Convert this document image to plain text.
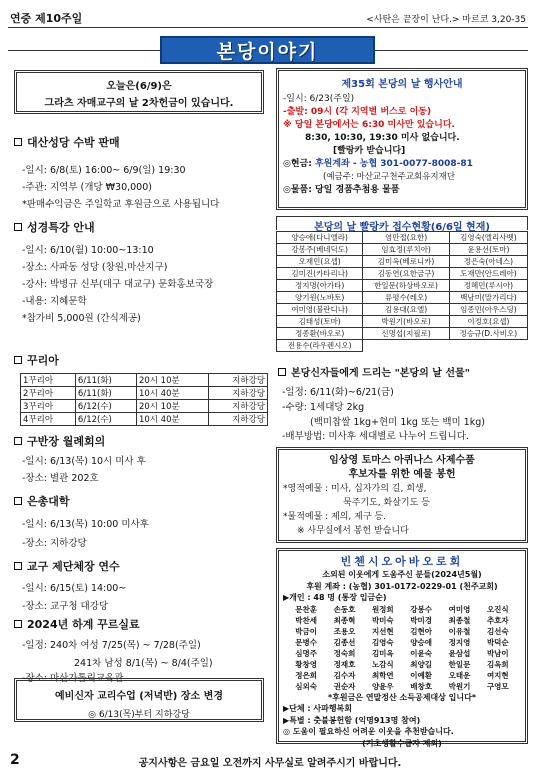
연중 제10주일	<사탄은 끝장이 난다.> 마르코 3,20-35
본당이야기
오늘은(6/9)은
그라츠 자매교구의 날 2차헌금이 있습니다.
대산성당 수박 판매
-일시: 6/8(토) 16:00~ 6/9(일) 19:30
-주관: 지역부 (개당 ₩30,000)
*판매수익금은 주일학교 후원금으로 사용됩니다
성경특강 안내
-일시: 6/10(월) 10:00~13:10
-장소: 사파동 성당 (창원,마산지구)
-강사: 박병규 신부(대구 대교구) 문화홍보국장
-내용: 지혜문학
*참가비 5,000원 (간식제공)
꾸리아
1꾸리아	6/11(화)	20시 10분	지하강당
2꾸리아	6/11(화)	10시 40분	지하강당
3꾸리아	6/12(수)	20시 10분	지하강당
4꾸리아	6/12(수)	10시 40분	지하강당
구반장 월례회의
-일시: 6/13(목) 10시 미사 후
-장소: 별관 202호
은총대학
-일시: 6/13(목) 10:00 미사후
-장소: 지하강당
교구 제단체장 연수
-일시: 6/15(토) 14:00~
-장소: 교구청 대강당
2024년 하계 꾸르실료
-일정: 240차 여성 7/25(목) ~ 7/28(주일)
241차 남성 8/1(목) ~ 8/4(주일)
-장소: 마산가톨릭교육관
예비신자 교리수업 (저녁반) 장소 변경
◎ 6/13(목)부터 지하강당
제35회 본당의 날 행사안내
-일시: 6/23(주일)
-출발: 09시 (각 지역별 버스로 이동)
※ 당일 본당에서는 6:30 미사만 있습니다.
8:30, 10:30, 19:30 미사 없습니다.
[빨랑카 받습니다]
◎현금: 후원계좌 - 농협 301-0077-8008-81
(예금주: 마산교구천주교회유지재단
◎물품: 당일 경품추첨용 물품
본당의 날 빨랑카 접수현황(6/6일 현재)
양승애(다니엘라)	염만접(요한)	김영숙(엘리사벳)
강봉주(베네딕도)	임효정(루치아)	윤용선(토마)
오재민(요셉)	김미옥(베로니카)	정은숙(아네스)
김미진(카타리나)	김동연(요한금구)	도재만(안드레아)
정지명(아가타)	한일문(하상바오로)	정혜민(루시아)
양기원(노바토)	류평수(레오)	백남미(말가리다)
여미영(불란디나)	김용대(요엘)	임종민(아우스딩)
김태성(토마)	박원기(바오로)	이정호(요셉)
정종환(바오로)	신명섭(지필로)	정승규(D.사비오)
전용수(라우렌시오)		
본당신자들에게 드리는 "본당의 날 선물"
-일정: 6/11(화)~6/21(금)
-수량: 1세대당 2kg
(백미찹쌀 1kg+현미 1kg 또는 백미 1kg)
-배부방법: 미사후 세대별로 나누어 드립니다.
임상영 토마스 아퀴나스 사제수품
후보자를 위한 예물 봉헌
*영적예물 : 미사, 십자가의 길, 희생,
묵주기도, 화살기도 등
*물적예물 : 제의, 제구 등.
※ 사무실에서 봉헌 받습니다
빈첸시오아바오로회
소외된 이웃에게 도움주신 분들(2024년5월)
후원 계좌 : (농협) 301-0172-0229-01 (천주교회)
▶개인 : 48 명 (통장 입금순)
문찬훈	손동호	원정희	강봉수	여미영	오진식
박찬세	최종혁	박미숙	박미경	최종철	추호자
박금이	조용오	지선현	김현아	이유철	김선숙
문병수	김종선	김영숙	양승애	정지영	박덕순
심명주	정숙희	김미옥	이윤숙	윤삼섭	박남이
황창영	정재호	노감식	최양길	한일문	김옥희
정은희	김수자	최학연	이예환	오태운	여지현
심외숙	권순자	양윤우	배창호	박원기	구영모
*후원금은 연말정산 소득공제대상 입니다*
▶단체 : 사파행복회
▶특별 : 춧불봉헌함 (익명913명 참여)
◎ 도움이 필요하신 어려운 이웃을 추천받습니다.
(기초생활수급자 제외)
2	공지사항은 금요일 오전까지 사무실로 알려주시기 바랍니다.
